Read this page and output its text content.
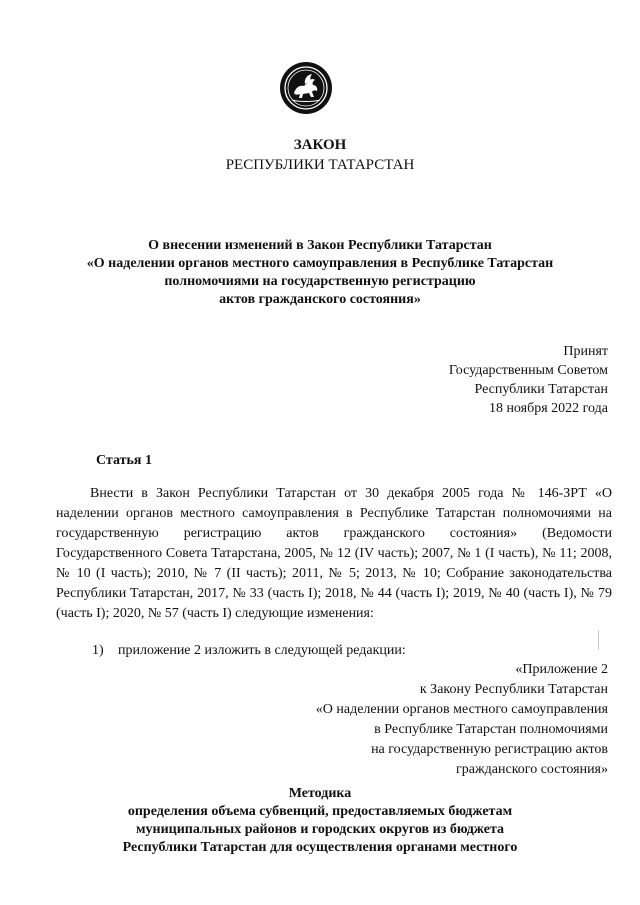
ЗАКОН
РЕСПУБЛИКИ ТАТАРСТАН
О внесении изменений в Закон Республики Татарстан
«О наделении органов местного самоуправления в Республике Татарстан
полномочиями на государственную регистрацию
актов гражданского состояния»
Принят
Государственным Советом
Республики Татарстан
18 ноября 2022 года
Статья 1
Внести в Закон Республики Татарстан от 30 декабря 2005 года № 146-ЗРТ «О наделении органов местного самоуправления в Республике Татарстан полномочиями на государственную регистрацию актов гражданского состояния» (Ведомости Государственного Совета Татарстана, 2005, № 12 (IV часть); 2007, № 1 (I часть), № 11; 2008, № 10 (I часть); 2010, № 7 (II часть); 2011, № 5; 2013, № 10; Собрание законодательства Республики Татарстан, 2017, № 33 (часть I); 2018, № 44 (часть I); 2019, № 40 (часть I), № 79 (часть I); 2020, № 57 (часть I) следующие изменения:
1) приложение 2 изложить в следующей редакции:
«Приложение 2
к Закону Республики Татарстан
«О наделении органов местного самоуправления
в Республике Татарстан полномочиями
на государственную регистрацию актов
гражданского состояния»
Методика
определения объема субвенций, предоставляемых бюджетам
муниципальных районов и городских округов из бюджета
Республики Татарстан для осуществления органами местного
